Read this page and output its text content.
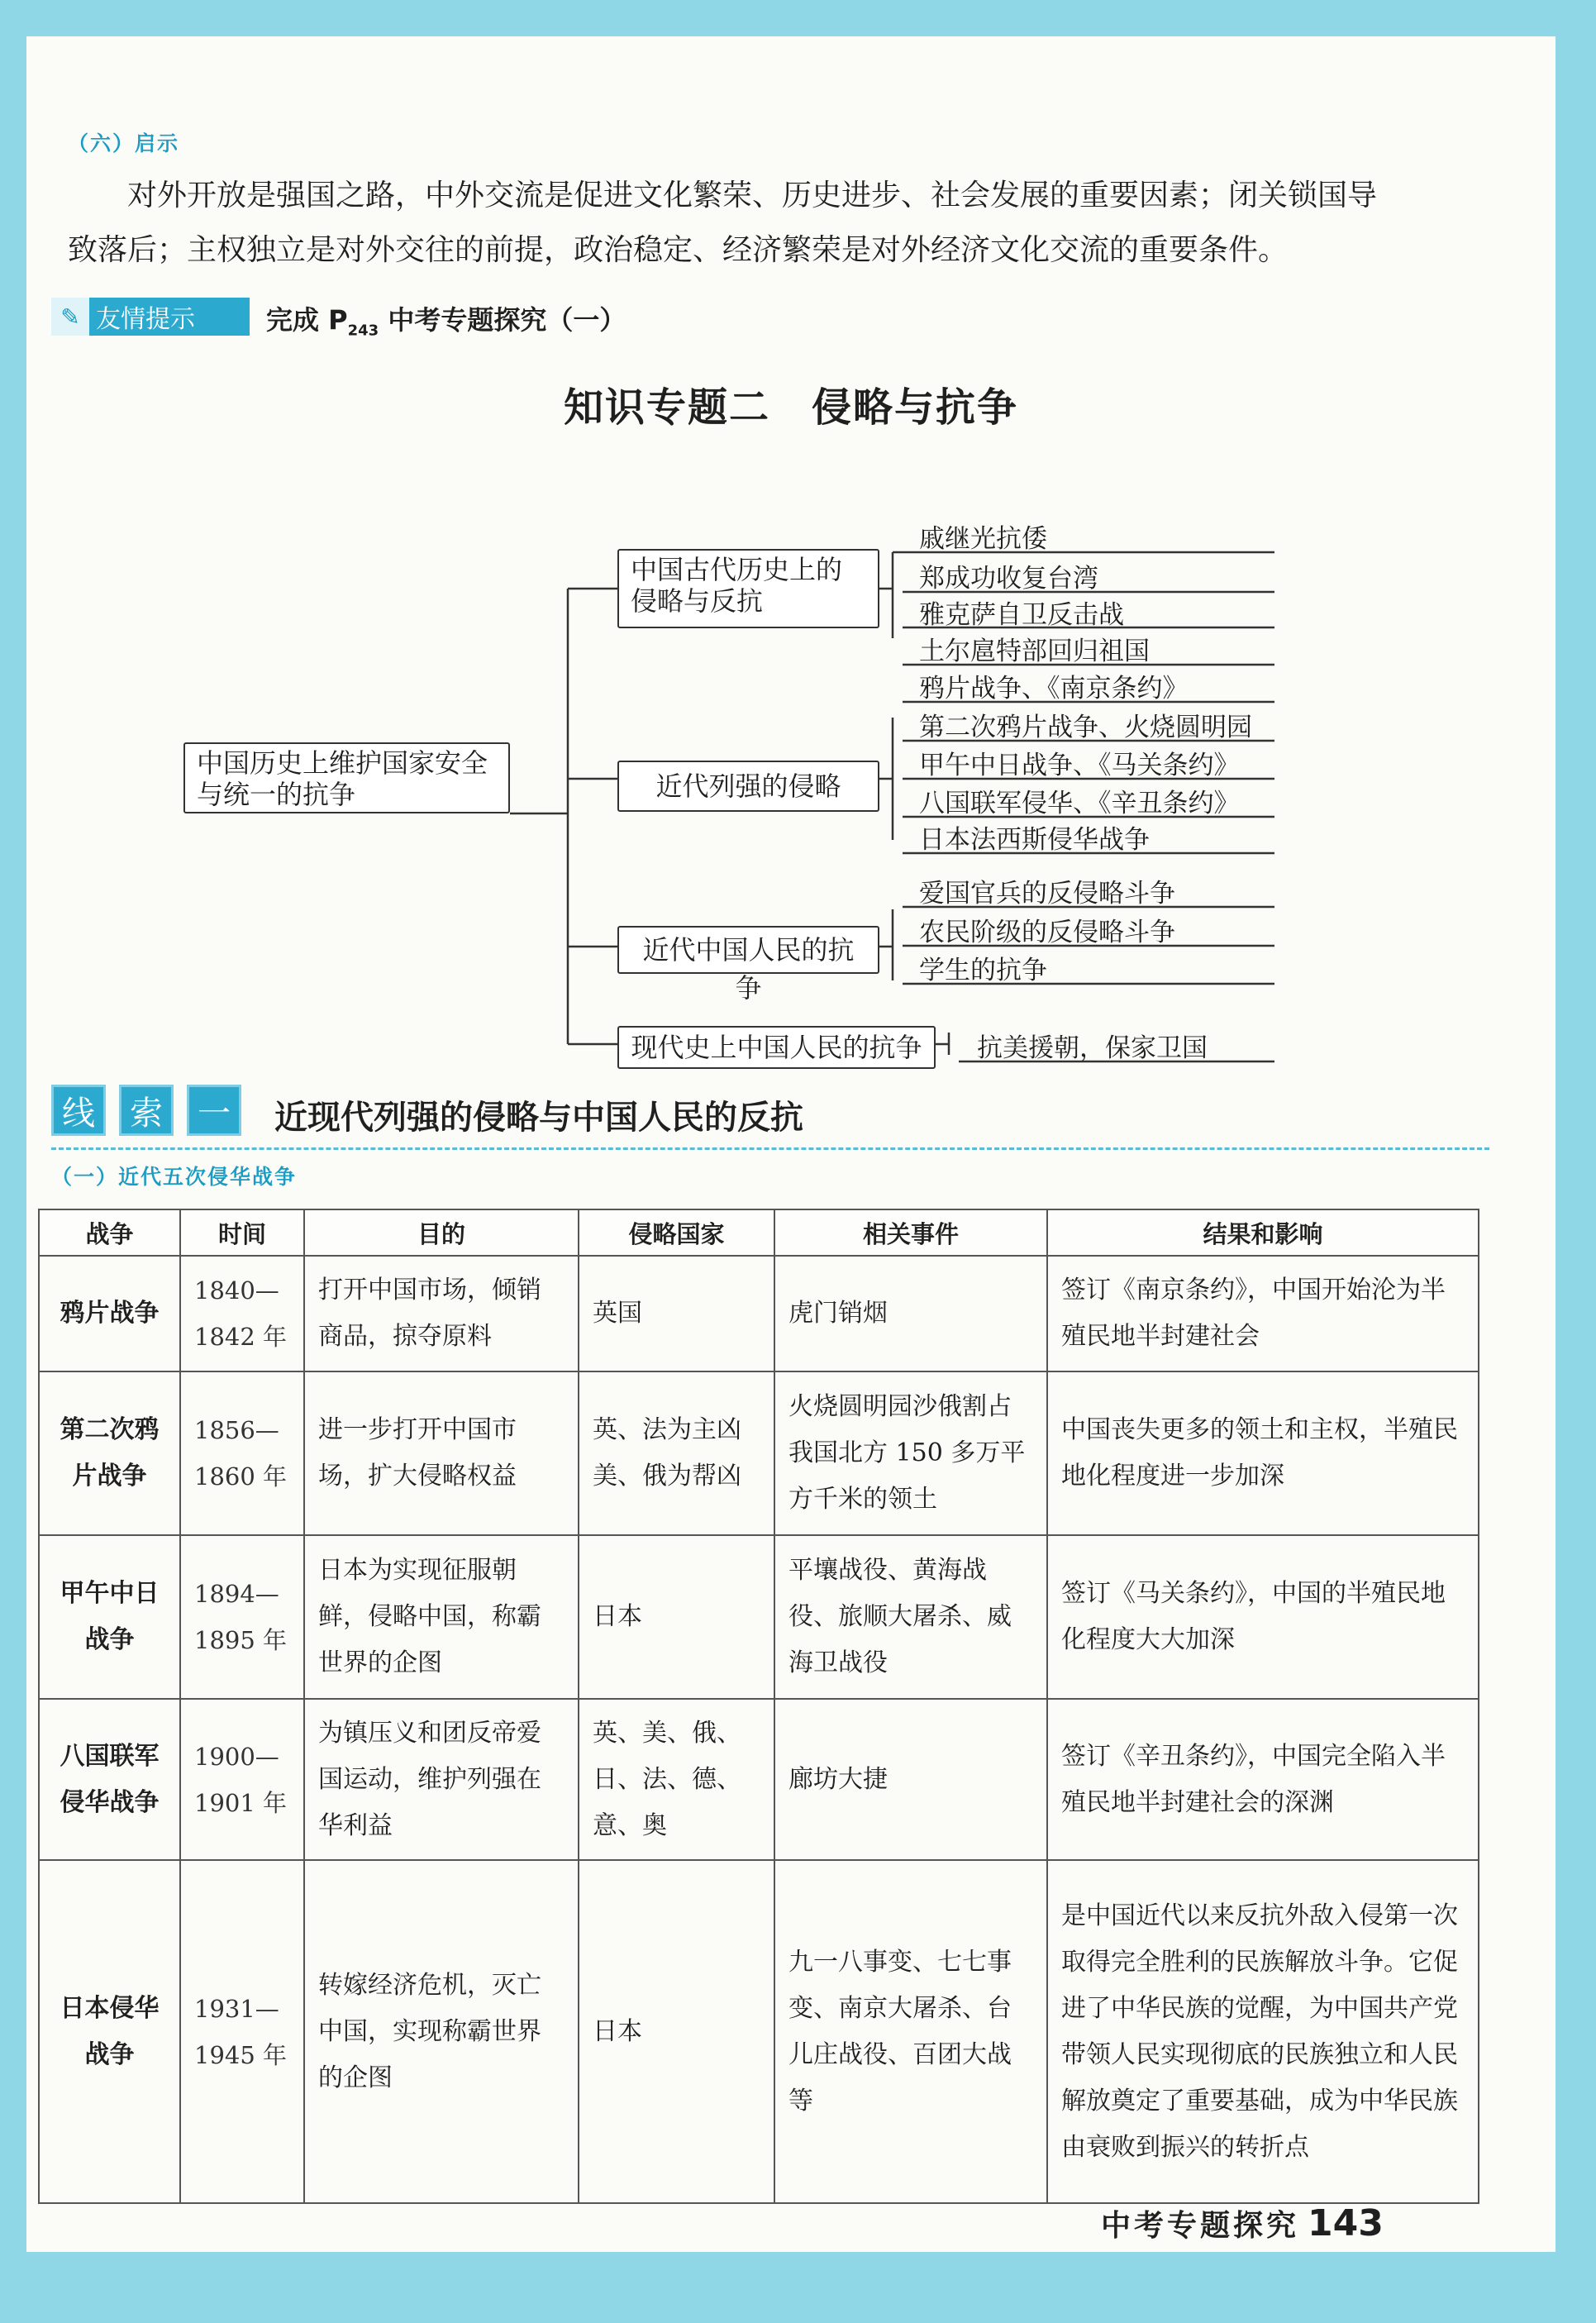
（六）启示
对外开放是强国之路，中外交流是促进文化繁荣、历史进步、社会发展的重要因素；闭关锁国导
致落后；主权独立是对外交往的前提，政治稳定、经济繁荣是对外经济文化交流的重要条件。
✎ 友情提示	完成 $P_{243}$ 中考专题探究（一）
知识专题二 侵略与抗争
中国历史上维护国家安全与统一的抗争
中国古代历史上的侵略与反抗
近代列强的侵略
近代中国人民的抗争
现代史上中国人民的抗争
戚继光抗倭
郑成功收复台湾
雅克萨自卫反击战
土尔扈特部回归祖国
鸦片战争、《南京条约》
第二次鸦片战争、火烧圆明园
甲午中日战争、《马关条约》
八国联军侵华、《辛丑条约》
日本法西斯侵华战争
爱国官兵的反侵略斗争
农民阶级的反侵略斗争
学生的抗争
抗美援朝，保家卫国
线	索	一	近现代列强的侵略与中国人民的反抗
（一）近代五次侵华战争
战争	时间	目的	侵略国家	相关事件	结果和影响
鸦片战争	1840—1842 年	打开中国市场，倾销商品，掠夺原料	英国	虎门销烟	签订《南京条约》，中国开始沦为半殖民地半封建社会
第二次鸦片战争	1856—1860 年	进一步打开中国市场，扩大侵略权益	英、法为主凶美、俄为帮凶	火烧圆明园沙俄割占我国北方 150 多万平方千米的领土	中国丧失更多的领土和主权，半殖民地化程度进一步加深
甲午中日战争	1894—1895 年	日本为实现征服朝鲜，侵略中国，称霸世界的企图	日本	平壤战役、黄海战役、旅顺大屠杀、威海卫战役	签订《马关条约》，中国的半殖民地化程度大大加深
八国联军侵华战争	1900—1901 年	为镇压义和团反帝爱国运动，维护列强在华利益	英、美、俄、日、法、德、意、奥	廊坊大捷	签订《辛丑条约》，中国完全陷入半殖民地半封建社会的深渊
日本侵华战争	1931—1945 年	转嫁经济危机，灭亡中国，实现称霸世界的企图	日本	九一八事变、七七事变、南京大屠杀、台儿庄战役、百团大战等	是中国近代以来反抗外敌入侵第一次取得完全胜利的民族解放斗争。它促进了中华民族的觉醒，为中国共产党带领人民实现彻底的民族独立和人民解放奠定了重要基础，成为中华民族由衰败到振兴的转折点
中考专题探究 143
